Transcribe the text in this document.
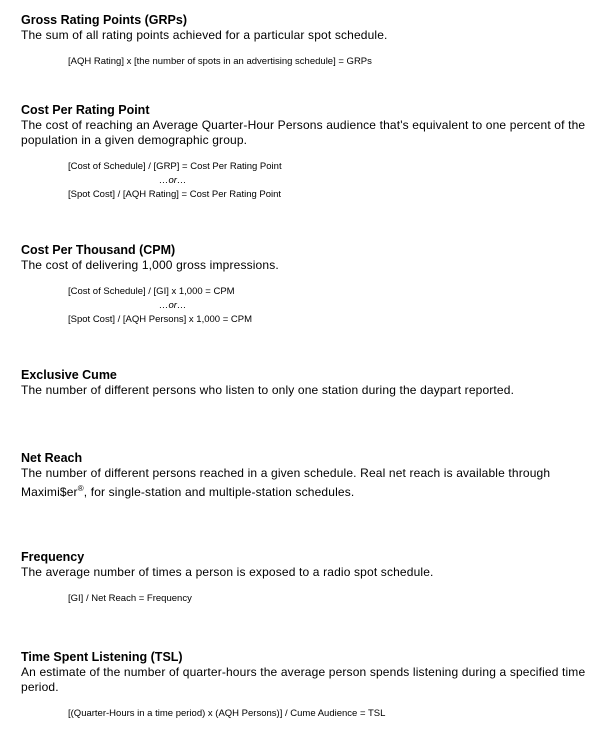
Gross Rating Points (GRPs)

The sum of all rating points achieved for a particular spot schedule.

[AQH Rating] x [the number of spots in an advertising schedule] = GRPs

Cost Per Rating Point

The cost of reaching an Average Quarter-Hour Persons audience that's equivalent to one percent of the population in a given demographic group.

[Cost of Schedule] / [GRP] = Cost Per Rating Point

…or…

[Spot Cost] / [AQH Rating] = Cost Per Rating Point

Cost Per Thousand (CPM)

The cost of delivering 1,000 gross impressions.

[Cost of Schedule] / [GI] x 1,000 = CPM

…or…

[Spot Cost] / [AQH Persons] x 1,000 = CPM

Exclusive Cume

The number of different persons who listen to only one station during the daypart reported.

Net Reach

The number of different persons reached in a given schedule. Real net reach is available through Maximi$er®, for single-station and multiple-station schedules.

Frequency

The average number of times a person is exposed to a radio spot schedule.

[GI] / Net Reach = Frequency

Time Spent Listening (TSL)

An estimate of the number of quarter-hours the average person spends listening during a specified time period.

[(Quarter-Hours in a time period) x (AQH Persons)] / Cume Audience = TSL
